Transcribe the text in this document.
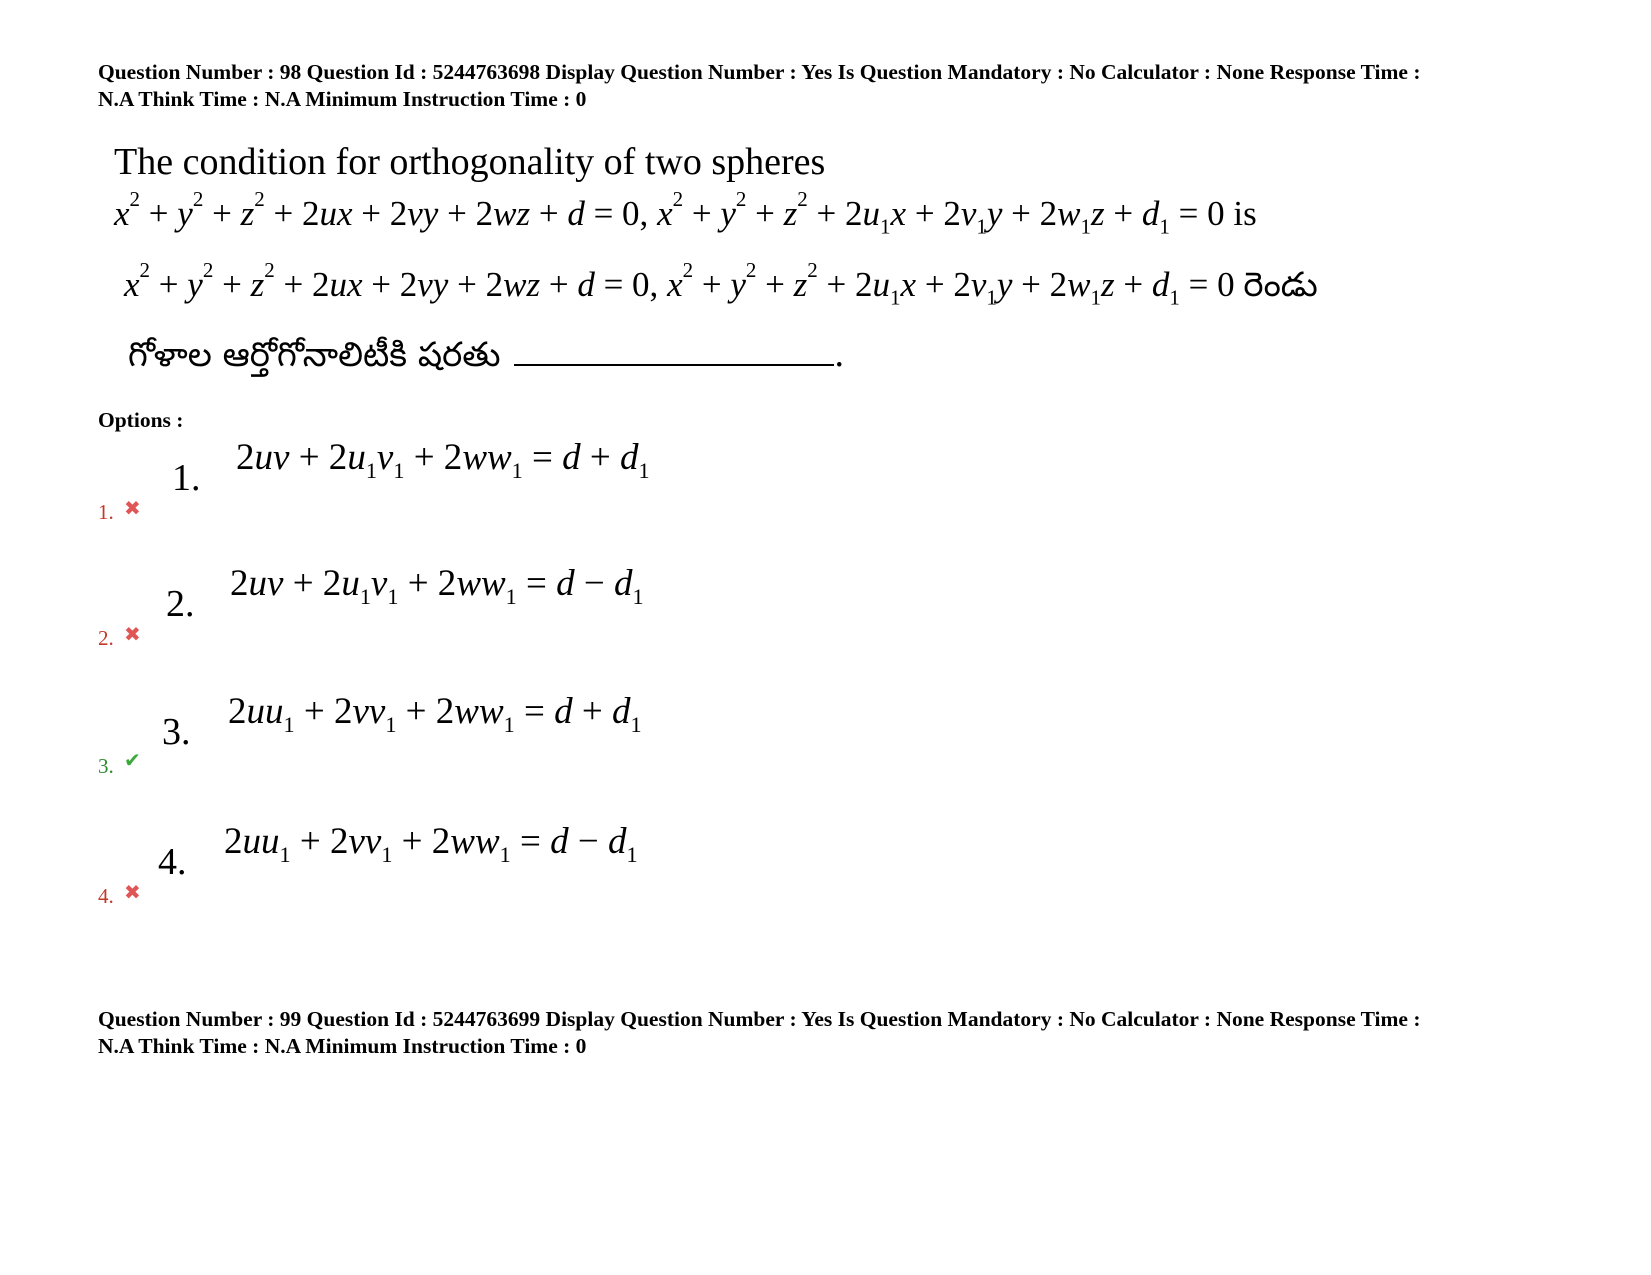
Question Number : 98 Question Id : 5244763698 Display Question Number : Yes Is Question Mandatory : No Calculator : None Response Time :
N.A Think Time : N.A Minimum Instruction Time : 0
The condition for orthogonality of two spheres
$x^2 + y^2 + z^2 + 2ux + 2vy + 2wz + d = 0$, $x^2 + y^2 + z^2 + 2u_1x + 2v_1y + 2w_1z + d_1 = 0$ is
$x^2 + y^2 + z^2 + 2ux + 2vy + 2wz + d = 0$, $x^2 + y^2 + z^2 + 2u_1x + 2v_1y + 2w_1z + d_1 = 0$ రెండు
గోళాల ఆర్తోగోనాలిటీకి షరతు	.
Options :
1. ✖
1. $2uv + 2u_1v_1 + 2ww_1 = d + d_1$
2. ✖
2. $2uv + 2u_1v_1 + 2ww_1 = d - d_1$
3. ✔
3. $2uu_1 + 2vv_1 + 2ww_1 = d + d_1$
4. ✖
4. $2uu_1 + 2vv_1 + 2ww_1 = d - d_1$
Question Number : 99 Question Id : 5244763699 Display Question Number : Yes Is Question Mandatory : No Calculator : None Response Time :
N.A Think Time : N.A Minimum Instruction Time : 0
